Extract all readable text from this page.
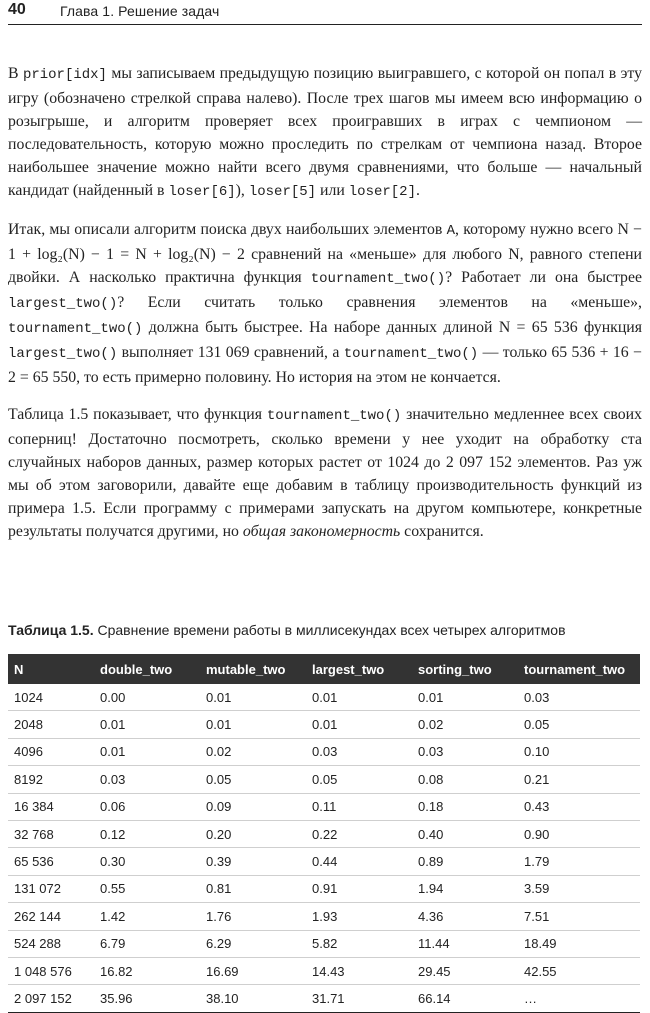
40 Глава 1. Решение задач

В prior[idx] мы записываем предыдущую позицию выигравшего, с которой он попал в эту игру (обозначено стрелкой справа налево). После трех шагов мы имеем всю информацию о розыгрыше, и алгоритм проверяет всех проигравших в играх с чемпионом — последовательность, которую можно проследить по стрелкам от чемпиона назад. Второе наибольшее значение можно найти всего двумя сравнениями, что больше — начальный кандидат (найденный в loser[6]), loser[5] или loser[2].

Итак, мы описали алгоритм поиска двух наибольших элементов A, которому нужно всего N − 1 + log₂(N) − 1 = N + log₂(N) − 2 сравнений на «меньше» для любого N, равного степени двойки. А насколько практична функция tournament_two()? Работает ли она быстрее largest_two()? Если считать только сравнения элементов на «меньше», tournament_two() должна быть быстрее. На наборе данных длиной N = 65 536 функция largest_two() выполняет 131 069 сравнений, а tournament_two() — только 65 536 + 16 − 2 = 65 550, то есть примерно половину. Но история на этом не кончается.

Таблица 1.5 показывает, что функция tournament_two() значительно медленнее всех своих соперниц! Достаточно посмотреть, сколько времени у нее уходит на обработку ста случайных наборов данных, размер которых растет от 1024 до 2 097 152 элементов. Раз уж мы об этом заговорили, давайте еще добавим в таблицу производительность функций из примера 1.5. Если программу с примерами запускать на другом компьютере, конкретные результаты получатся другими, но общая закономерность сохранится.

Таблица 1.5. Сравнение времени работы в миллисекундах всех четырех алгоритмов
N	double_two	mutable_two	largest_two	sorting_two	tournament_two
1024	0.00	0.01	0.01	0.01	0.03
2048	0.01	0.01	0.01	0.02	0.05
4096	0.01	0.02	0.03	0.03	0.10
8192	0.03	0.05	0.05	0.08	0.21
16 384	0.06	0.09	0.11	0.18	0.43
32 768	0.12	0.20	0.22	0.40	0.90
65 536	0.30	0.39	0.44	0.89	1.79
131 072	0.55	0.81	0.91	1.94	3.59
262 144	1.42	1.76	1.93	4.36	7.51
524 288	6.79	6.29	5.82	11.44	18.49
1 048 576	16.82	16.69	14.43	29.45	42.55
2 097 152	35.96	38.10	31.71	66.14	…
